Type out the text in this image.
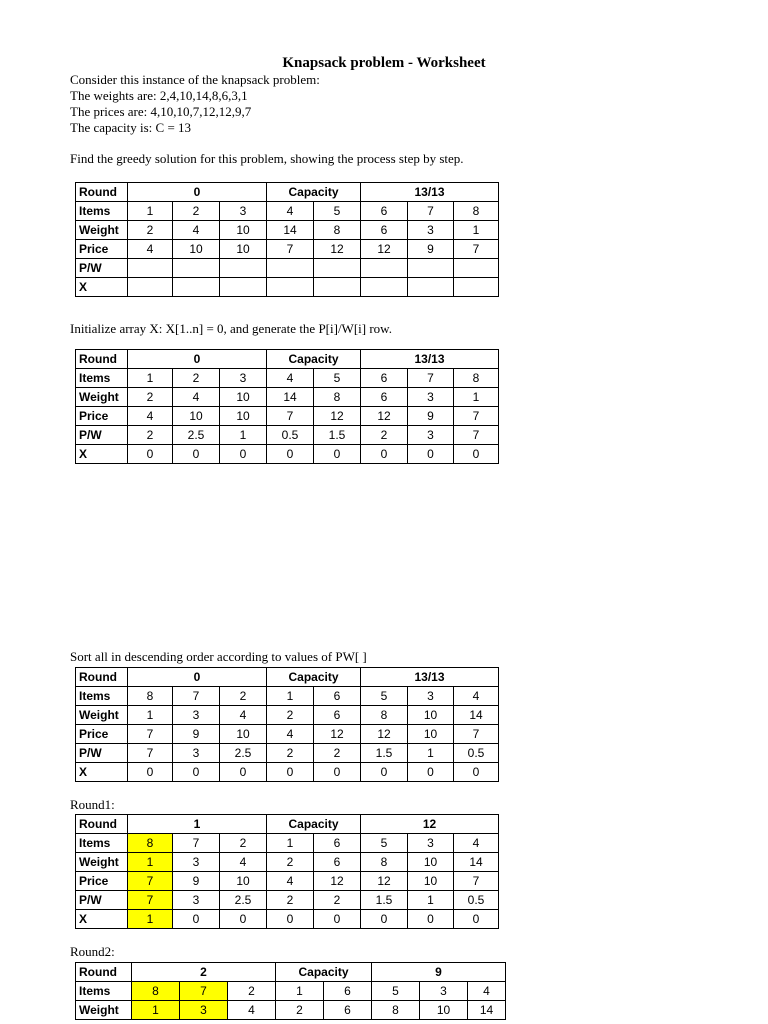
Knapsack problem - Worksheet
Consider this instance of the knapsack problem:
The weights are: 2,4,10,14,8,6,3,1
The prices are: 4,10,10,7,12,12,9,7
The capacity is: C = 13
Find the greedy solution for this problem, showing the process step by step.
Round	0			Capacity		13/13		
Items	1	2	3	4	5	6	7	8
Weight	2	4	10	14	8	6	3	1
Price	4	10	10	7	12	12	9	7
P/W								
X								
Initialize array X: X[1..n] = 0, and generate the P[i]/W[i] row.
Round	0			Capacity		13/13		
Items	1	2	3	4	5	6	7	8
Weight	2	4	10	14	8	6	3	1
Price	4	10	10	7	12	12	9	7
P/W	2	2.5	1	0.5	1.5	2	3	7
X	0	0	0	0	0	0	0	0
Sort all in descending order according to values of PW[ ]
Round	0			Capacity		13/13		
Items	8	7	2	1	6	5	3	4
Weight	1	3	4	2	6	8	10	14
Price	7	9	10	4	12	12	10	7
P/W	7	3	2.5	2	2	1.5	1	0.5
X	0	0	0	0	0	0	0	0
Round1:
Round	1			Capacity		12		
Items	8	7	2	1	6	5	3	4
Weight	1	3	4	2	6	8	10	14
Price	7	9	10	4	12	12	10	7
P/W	7	3	2.5	2	2	1.5	1	0.5
X	1	0	0	0	0	0	0	0
Round2:
Round	2			Capacity		9		
Items	8	7	2	1	6	5	3	4
Weight	1	3	4	2	6	8	10	14
